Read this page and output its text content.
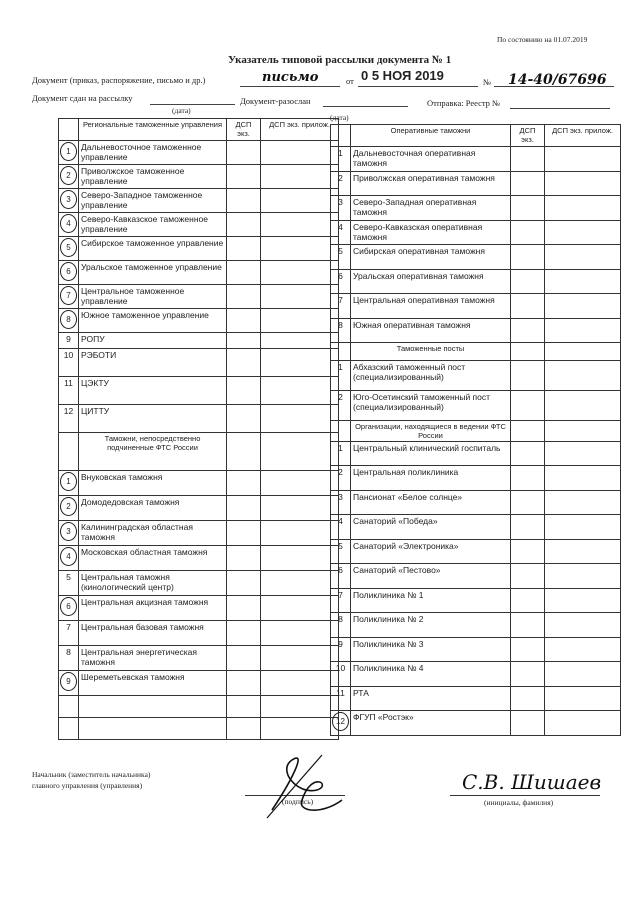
По состоянию на 01.07.2019
Указатель типовой рассылки документа № 1
Документ (приказ, распоряжение, письмо и др.)	письмо	от 0 5 НОЯ 2019	№ 14-40/67696
Документ сдан на рассылку	Документ-разослан	Отправка: Реестр №
(дата)
(дата)
	Региональные таможенные управления	ДСП экз.	ДСП экз. прилож.

1	Дальневосточное таможенное управление		

2	Приволжское таможенное управление		

3	Северо-Западное таможенное управление		

4	Северо-Кавказское таможенное управление		

5	Сибирское таможенное управление		

6	Уральское таможенное управление		

7	Центральное таможенное управление		

8	Южное таможенное управление		
9	РОПУ		
10	РЭБОТИ		
11	ЦЭКТУ		
12	ЦИТТУ		
	Таможни, непосредственно подчиненные ФТС России		

1	Внуковская таможня		

2	Домодедовская таможня		

3	Калининградская областная таможня		

4	Московская областная таможня		
5	Центральная таможня (кинологический центр)		

6	Центральная акцизная таможня		
7	Центральная базовая таможня		
8	Центральная энергетическая таможня		

9	Шереметьевская таможня		

	Оперативные таможни	ДСП экз.	ДСП экз. прилож.
1	Дальневосточная оперативная таможня		
2	Приволжская оперативная таможня		
3	Северо-Западная оперативная таможня		
4	Северо-Кавказская оперативная таможня		
5	Сибирская оперативная таможня		
6	Уральская оперативная таможня		
7	Центральная оперативная таможня		
8	Южная оперативная таможня		
	Таможенные посты		
1	Абхазский таможенный пост (специализированный)		
2	Юго-Осетинский таможенный пост (специализированный)		
	Организации, находящиеся в ведении ФТС России		
1	Центральный клинический госпиталь		
2	Центральная поликлиника		
3	Пансионат «Белое солнце»		
4	Санаторий «Победа»		
5	Санаторий «Электроника»		
6	Санаторий «Пестово»		
7	Поликлиника № 1		
8	Поликлиника № 2		
9	Поликлиника № 3		
10	Поликлиника № 4		
11	РТА		

12	ФГУП «Ростэк»		
Начальник (заместитель начальника)
главного управления (управления)
(подпись)
С.В. Шишаев
(инициалы, фамилия)
